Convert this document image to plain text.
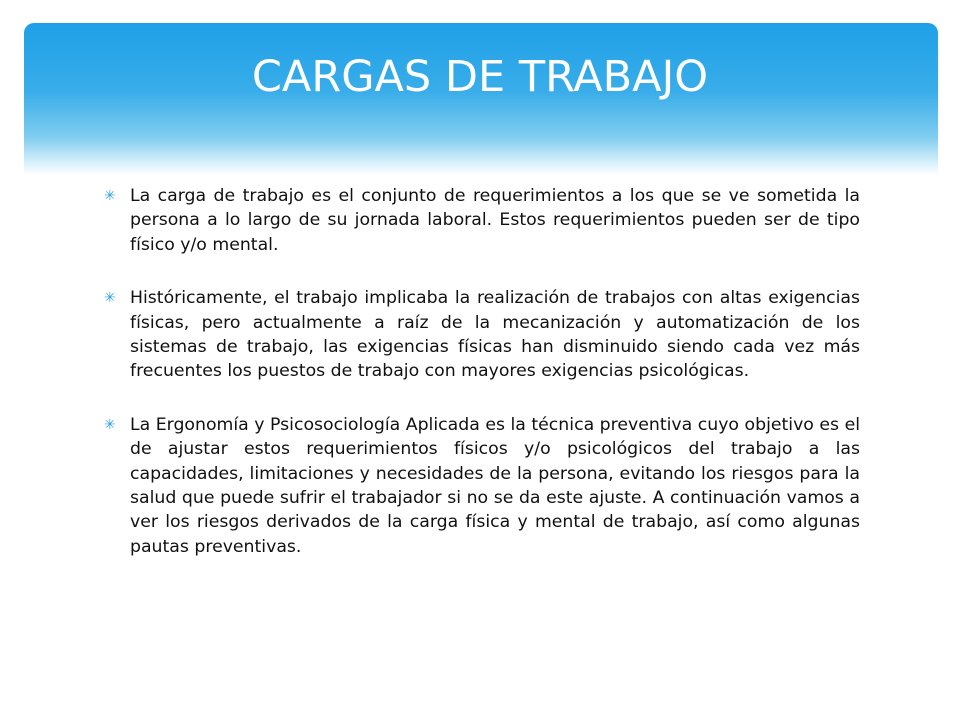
CARGAS DE TRABAJO

✳ La carga de trabajo es el conjunto de requerimientos a los que se ve sometida la persona a lo largo de su jornada laboral. Estos requerimientos pueden ser de tipo físico y/o mental.

✳ Históricamente, el trabajo implicaba la realización de trabajos con altas exigencias físicas, pero actualmente a raíz de la mecanización y automatización de los sistemas de trabajo, las exigencias físicas han disminuido siendo cada vez más frecuentes los puestos de trabajo con mayores exigencias psicológicas.

✳ La Ergonomía y Psicosociología Aplicada es la técnica preventiva cuyo objetivo es el de ajustar estos requerimientos físicos y/o psicológicos del trabajo a las capacidades, limitaciones y necesidades de la persona, evitando los riesgos para la salud que puede sufrir el trabajador si no se da este ajuste. A continuación vamos a ver los riesgos derivados de la carga física y mental de trabajo, así como algunas pautas preventivas.
